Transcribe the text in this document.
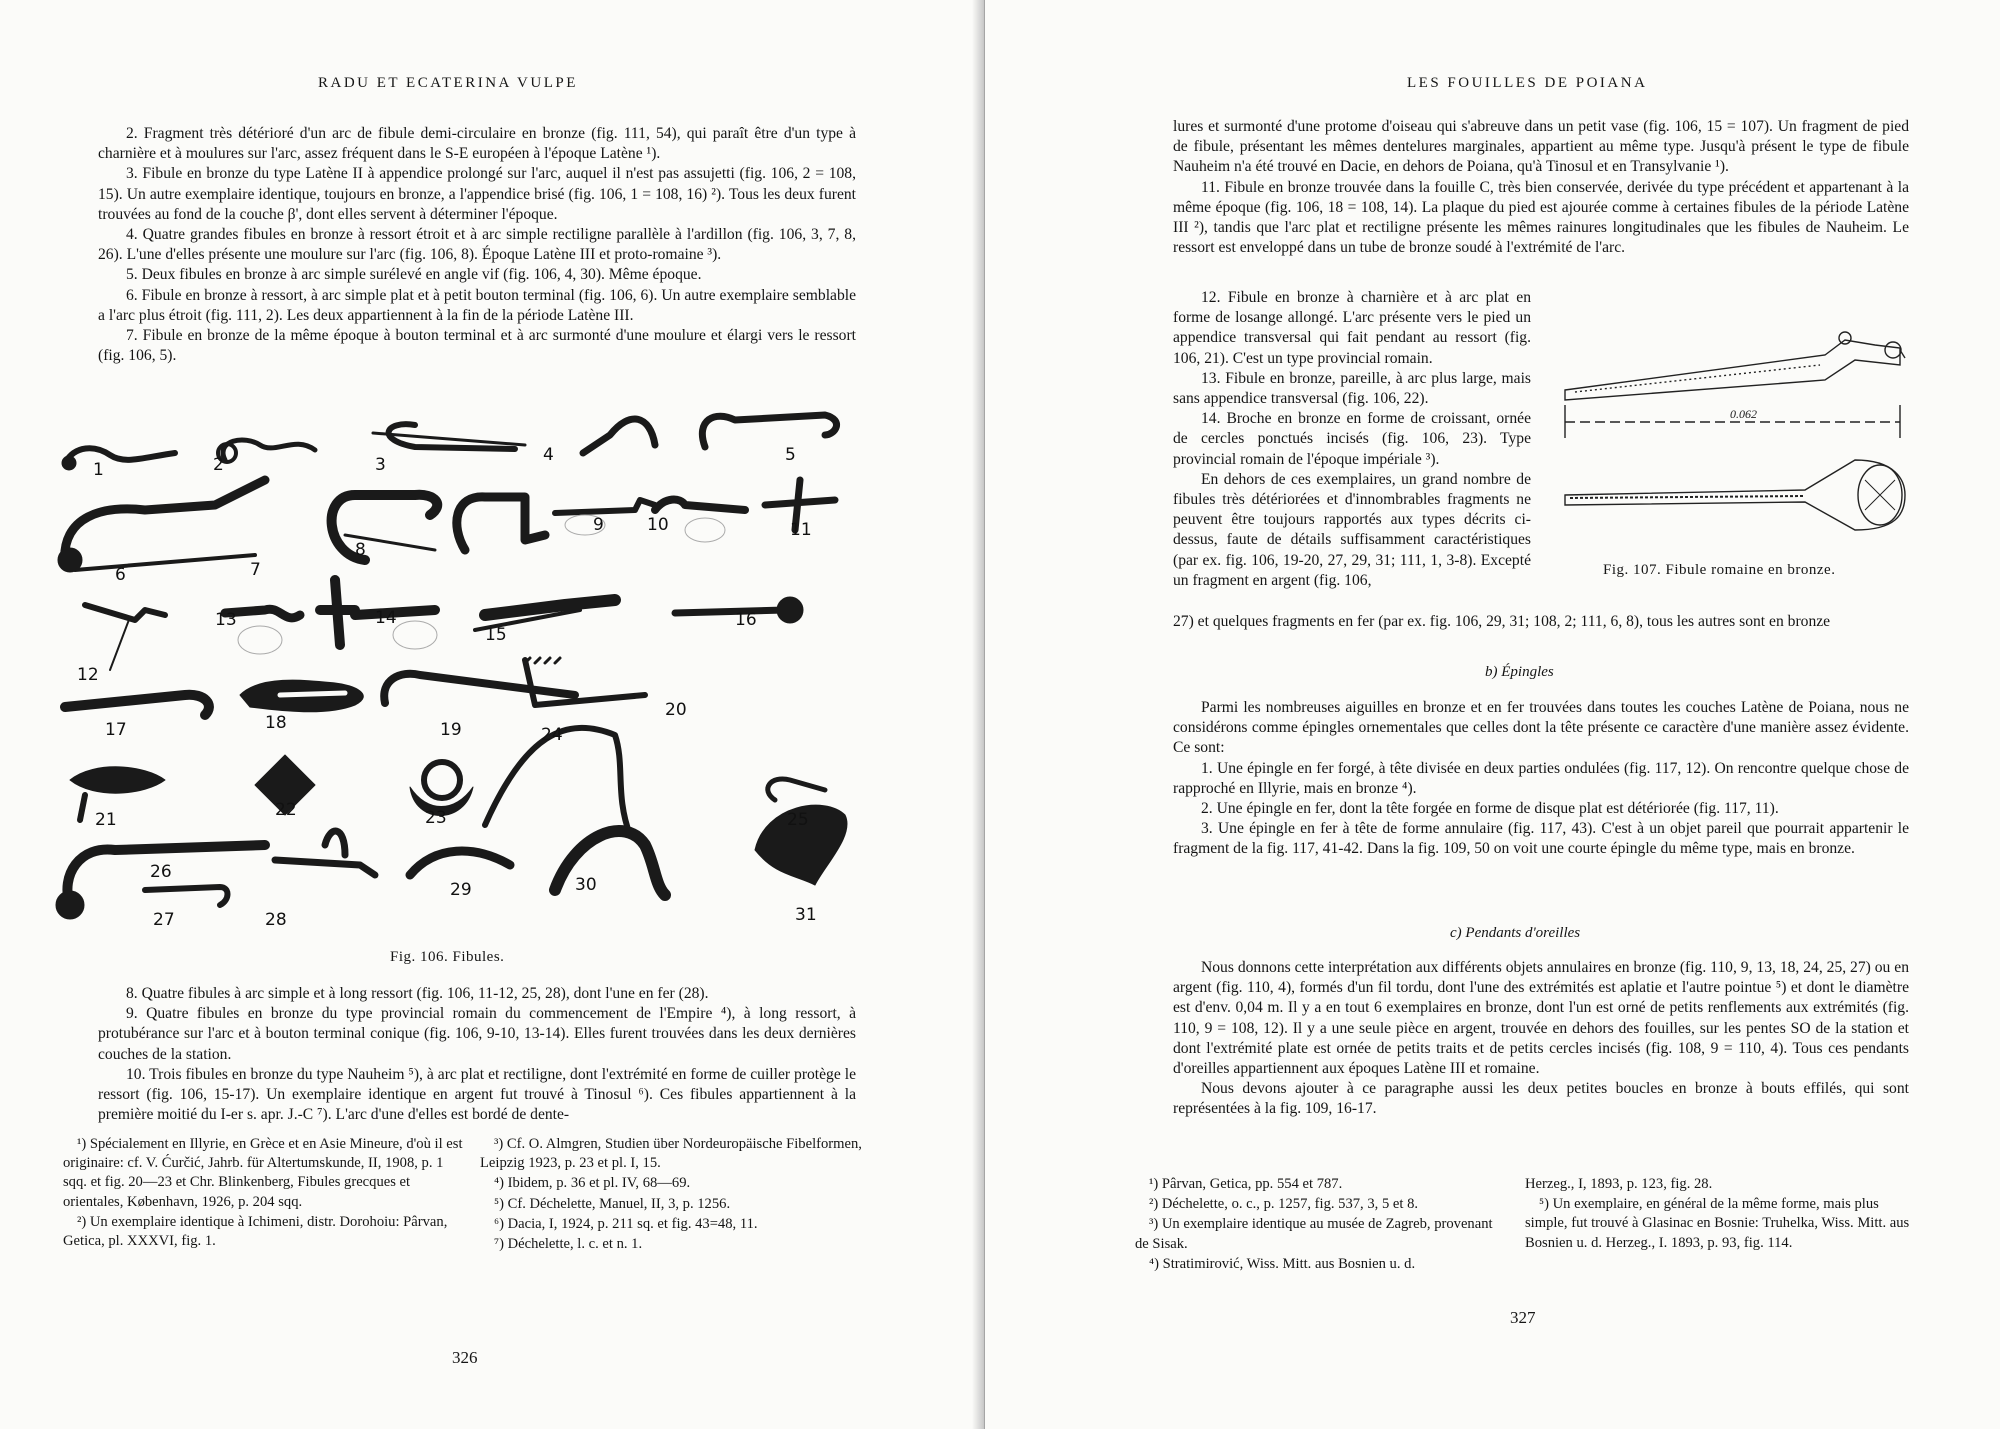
RADU ET ECATERINA VULPE

2. Fragment très détérioré d'un arc de fibule demi-circulaire en bronze (fig. 111, 54), qui paraît être d'un type à charnière et à moulures sur l'arc, assez fréquent dans le S-E européen à l'époque Latène ¹).

3. Fibule en bronze du type Latène II à appendice prolongé sur l'arc, auquel il n'est pas assujetti (fig. 106, 2 = 108, 15). Un autre exemplaire identique, toujours en bronze, a l'appendice brisé (fig. 106, 1 = 108, 16) ²). Tous les deux furent trouvées au fond de la couche β', dont elles servent à déterminer l'époque.

4. Quatre grandes fibules en bronze à ressort étroit et à arc simple rectiligne parallèle à l'ardillon (fig. 106, 3, 7, 8, 26). L'une d'elles présente une moulure sur l'arc (fig. 106, 8). Époque Latène III et proto-romaine ³).

5. Deux fibules en bronze à arc simple surélevé en angle vif (fig. 106, 4, 30). Même époque.

6. Fibule en bronze à ressort, à arc simple plat et à petit bouton terminal (fig. 106, 6). Un autre exemplaire semblable a l'arc plus étroit (fig. 111, 2). Les deux appartiennent à la fin de la période Latène III.

7. Fibule en bronze de la même époque à bouton terminal et à arc surmonté d'une moulure et élargi vers le ressort (fig. 106, 5).

1	2	3	4	5
6	7
8
9	10	11
12
13	14
15
16
17	18	19
20
21	22	23
24
25
26
27	28
29	30
31
Fig. 106. Fibules.

8. Quatre fibules à arc simple et à long ressort (fig. 106, 11-12, 25, 28), dont l'une en fer (28).

9. Quatre fibules en bronze du type provincial romain du commencement de l'Empire ⁴), à long ressort, à protubérance sur l'arc et à bouton terminal conique (fig. 106, 9-10, 13-14). Elles furent trouvées dans les deux dernières couches de la station.

10. Trois fibules en bronze du type Nauheim ⁵), à arc plat et rectiligne, dont l'extrémité en forme de cuiller protège le ressort (fig. 106, 15-17). Un exemplaire identique en argent fut trouvé à Tinosul ⁶). Ces fibules appartiennent à la première moitié du I-er s. apr. J.-C ⁷). L'arc d'une d'elles est bordé de dente-

¹) Spécialement en Illyrie, en Grèce et en Asie Mineure, d'où il est originaire: cf. V. Ćurčić, Jahrb. für Altertumskunde, II, 1908, p. 1 sqq. et fig. 20—23 et Chr. Blinkenberg, Fibules grecques et orientales, København, 1926, p. 204 sqq.

²) Un exemplaire identique à Ichimeni, distr. Dorohoiu: Pârvan, Getica, pl. XXXVI, fig. 1.

³) Cf. O. Almgren, Studien über Nordeuropäische Fibelformen, Leipzig 1923, p. 23 et pl. I, 15.

⁴) Ibidem, p. 36 et pl. IV, 68—69.

⁵) Cf. Déchelette, Manuel, II, 3, p. 1256.

⁶) Dacia, I, 1924, p. 211 sq. et fig. 43=48, 11.

⁷) Déchelette, l. c. et n. 1.

326
LES FOUILLES DE POIANA

lures et surmonté d'une protome d'oiseau qui s'abreuve dans un petit vase (fig. 106, 15 = 107). Un fragment de pied de fibule, présentant les mêmes dentelures marginales, appartient au même type. Jusqu'à présent le type de fibule Nauheim n'a été trouvé en Dacie, en dehors de Poiana, qu'à Tinosul et en Transylvanie ¹).

11. Fibule en bronze trouvée dans la fouille C, très bien conservée, derivée du type précédent et appartenant à la même époque (fig. 106, 18 = 108, 14). La plaque du pied est ajourée comme à certaines fibules de la période Latène III ²), tandis que l'arc plat et rectiligne présente les mêmes rainures longitudinales que les fibules de Nauheim. Le ressort est enveloppé dans un tube de bronze soudé à l'extrémité de l'arc.

12. Fibule en bronze à charnière et à arc plat en forme de losange allongé. L'arc présente vers le pied un appendice transversal qui fait pendant au ressort (fig. 106, 21). C'est un type provincial romain.

13. Fibule en bronze, pareille, à arc plus large, mais sans appendice transversal (fig. 106, 22).

14. Broche en bronze en forme de croissant, ornée de cercles ponctués incisés (fig. 106, 23). Type provincial romain de l'époque impériale ³).

En dehors de ces exemplaires, un grand nombre de fibules très détériorées et d'innombrables fragments ne peuvent être toujours rapportés aux types décrits ci-dessus, faute de détails suffisamment caractéristiques (par ex. fig. 106, 19-20, 27, 29, 31; 111, 1, 3-8). Excepté un fragment en argent (fig. 106,

0.062
Fig. 107. Fibule romaine en bronze.

27) et quelques fragments en fer (par ex. fig. 106, 29, 31; 108, 2; 111, 6, 8), tous les autres sont en bronze

b) Épingles

Parmi les nombreuses aiguilles en bronze et en fer trouvées dans toutes les couches Latène de Poiana, nous ne considérons comme épingles ornementales que celles dont la tête présente ce caractère d'une manière assez évidente. Ce sont:

1. Une épingle en fer forgé, à tête divisée en deux parties ondulées (fig. 117, 12). On rencontre quelque chose de rapproché en Illyrie, mais en bronze ⁴).

2. Une épingle en fer, dont la tête forgée en forme de disque plat est détériorée (fig. 117, 11).

3. Une épingle en fer à tête de forme annulaire (fig. 117, 43). C'est à un objet pareil que pourrait appartenir le fragment de la fig. 117, 41-42. Dans la fig. 109, 50 on voit une courte épingle du même type, mais en bronze.

c) Pendants d'oreilles

Nous donnons cette interprétation aux différents objets annulaires en bronze (fig. 110, 9, 13, 18, 24, 25, 27) ou en argent (fig. 110, 4), formés d'un fil tordu, dont l'une des extrémités est aplatie et l'autre pointue ⁵) et dont le diamètre est d'env. 0,04 m. Il y a en tout 6 exemplaires en bronze, dont l'un est orné de petits renflements aux extrémités (fig. 110, 9 = 108, 12). Il y a une seule pièce en argent, trouvée en dehors des fouilles, sur les pentes SO de la station et dont l'extrémité plate est ornée de petits traits et de petits cercles incisés (fig. 108, 9 = 110, 4). Tous ces pendants d'oreilles appartiennent aux époques Latène III et romaine.

Nous devons ajouter à ce paragraphe aussi les deux petites boucles en bronze à bouts effilés, qui sont représentées à la fig. 109, 16-17.

¹) Pârvan, Getica, pp. 554 et 787.

²) Déchelette, o. c., p. 1257, fig. 537, 3, 5 et 8.

³) Un exemplaire identique au musée de Zagreb, provenant de Sisak.

⁴) Stratimirović, Wiss. Mitt. aus Bosnien u. d.

Herzeg., I, 1893, p. 123, fig. 28.

⁵) Un exemplaire, en général de la même forme, mais plus simple, fut trouvé à Glasinac en Bosnie: Truhelka, Wiss. Mitt. aus Bosnien u. d. Herzeg., I. 1893, p. 93, fig. 114.

327
